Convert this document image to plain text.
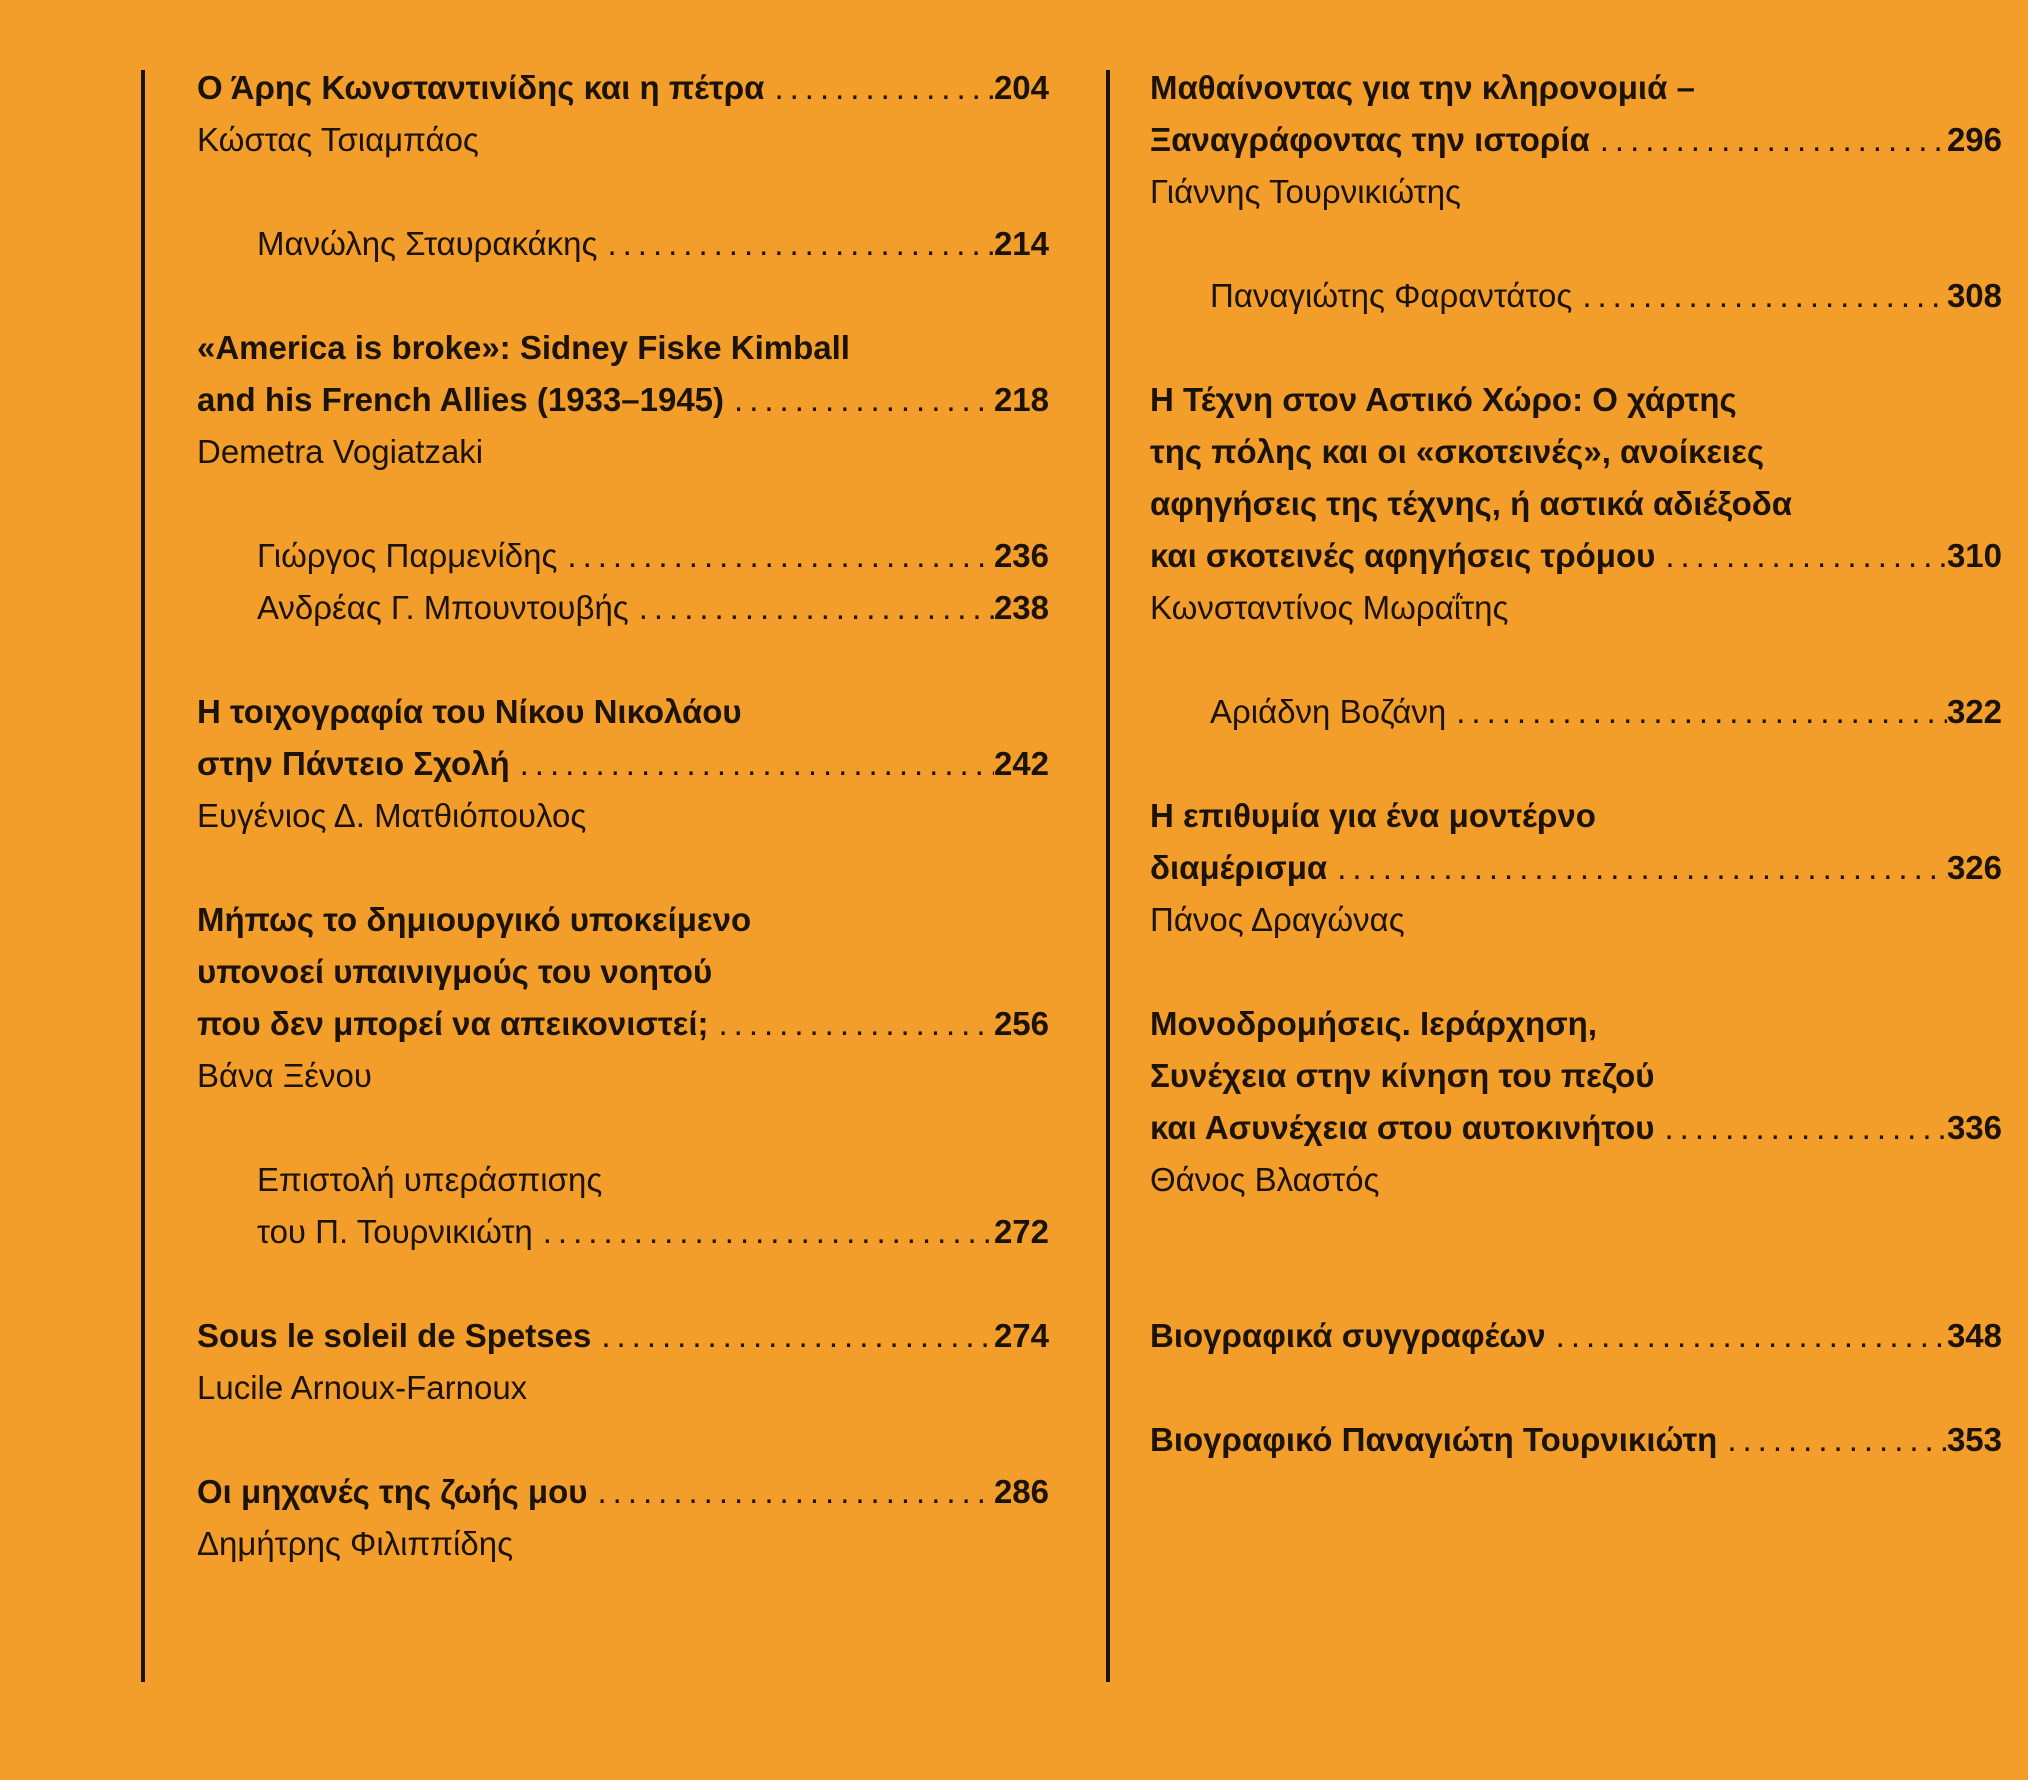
Ο Άρης Κωνσταντινίδης και η πέτρα .....	204
Κώστας Τσιαμπάος
Μανώλης Σταυρακάκης .....	214
«America is broke»: Sidney Fiske Kimball
and his French Allies (1933–1945) .....	218
Demetra Vogiatzaki
Γιώργος Παρμενίδης .....	236
Ανδρέας Γ. Μπουντουβής .....	238
Η τοιχογραφία του Νίκου Νικολάου
στην Πάντειο Σχολή .....	242
Ευγένιος Δ. Ματθιόπουλος
Μήπως το δημιουργικό υποκείμενο
υπονοεί υπαινιγμούς του νοητού
που δεν μπορεί να απεικονιστεί; .....	256
Βάνα Ξένου
Επιστολή υπεράσπισης
του Π. Τουρνικιώτη .....	272
Sous le soleil de Spetses .....	274
Lucile Arnoux-Farnoux
Οι μηχανές της ζωής μου .....	286
Δημήτρης Φιλιππίδης
Μαθαίνοντας για την κληρονομιά –
Ξαναγράφοντας την ιστορία .....	296
Γιάννης Τουρνικιώτης
Παναγιώτης Φαραντάτος .....	308
Η Τέχνη στον Αστικό Χώρο: Ο χάρτης
της πόλης και οι «σκοτεινές», ανοίκειες
αφηγήσεις της τέχνης, ή αστικά αδιέξοδα
και σκοτεινές αφηγήσεις τρόμου .....	310
Κωνσταντίνος Μωραΐτης
Αριάδνη Βοζάνη .....	322
Η επιθυμία για ένα μοντέρνο
διαμέρισμα .....	326
Πάνος Δραγώνας
Μονοδρομήσεις. Ιεράρχηση,
Συνέχεια στην κίνηση του πεζού
και Ασυνέχεια στου αυτοκινήτου .....	336
Θάνος Βλαστός
Βιογραφικά συγγραφέων .....	348
Βιογραφικό Παναγιώτη Τουρνικιώτη .....	353
